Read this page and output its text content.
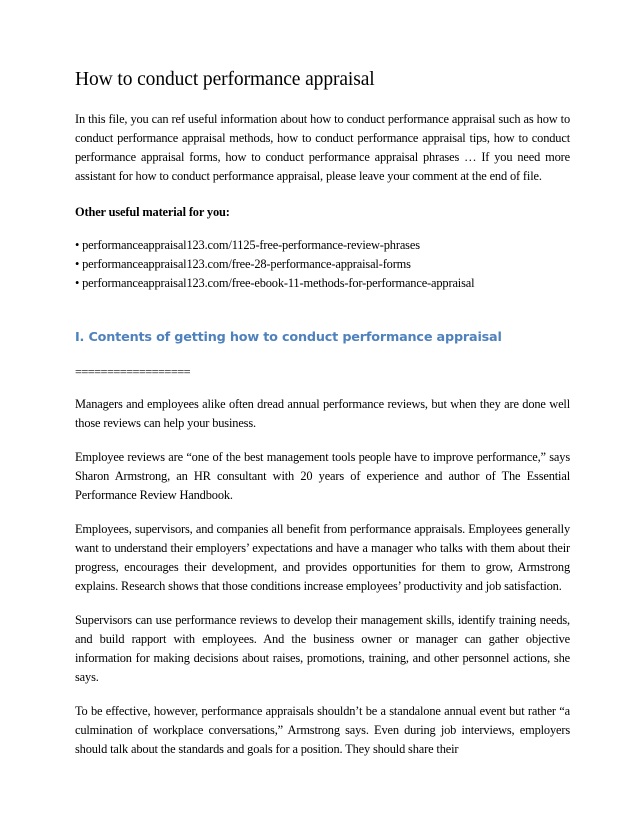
How to conduct performance appraisal

In this file, you can ref useful information about how to conduct performance appraisal such as how to conduct performance appraisal methods, how to conduct performance appraisal tips, how to conduct performance appraisal forms, how to conduct performance appraisal phrases … If you need more assistant for how to conduct performance appraisal, please leave your comment at the end of file.

Other useful material for you:

• performanceappraisal123.com/1125-free-performance-review-phrases

• performanceappraisal123.com/free-28-performance-appraisal-forms

• performanceappraisal123.com/free-ebook-11-methods-for-performance-appraisal

I. Contents of getting how to conduct performance appraisal

==================

Managers and employees alike often dread annual performance reviews, but when they are done well those reviews can help your business.

Employee reviews are “one of the best management tools people have to improve performance,” says Sharon Armstrong, an HR consultant with 20 years of experience and author of The Essential Performance Review Handbook.

Employees, supervisors, and companies all benefit from performance appraisals. Employees generally want to understand their employers’ expectations and have a manager who talks with them about their progress, encourages their development, and provides opportunities for them to grow, Armstrong explains. Research shows that those conditions increase employees’ productivity and job satisfaction.

Supervisors can use performance reviews to develop their management skills, identify training needs, and build rapport with employees. And the business owner or manager can gather objective information for making decisions about raises, promotions, training, and other personnel actions, she says.

To be effective, however, performance appraisals shouldn’t be a standalone annual event but rather “a culmination of workplace conversations,” Armstrong says. Even during job interviews, employers should talk about the standards and goals for a position. They should share their
